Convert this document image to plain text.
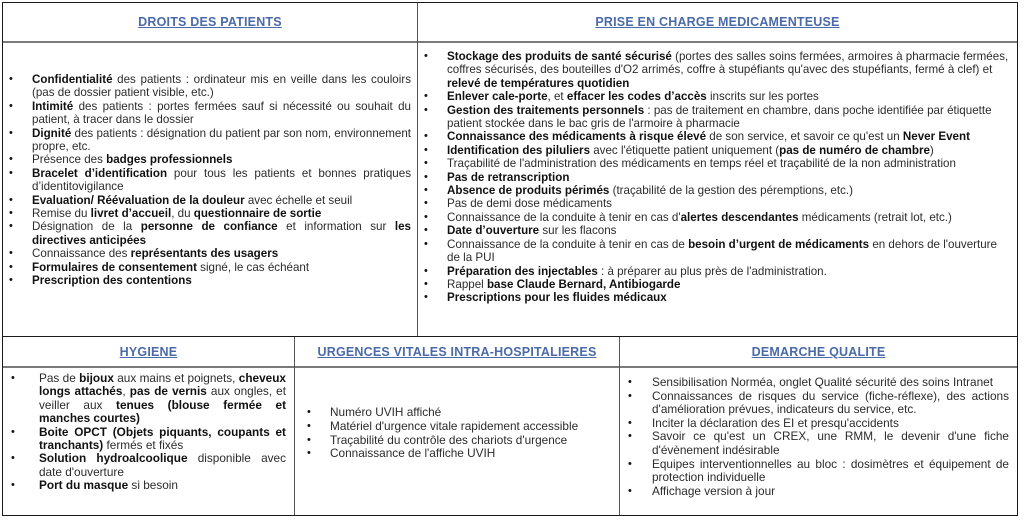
DROITS DES PATIENTS
• Confidentialité des patients : ordinateur mis en veille dans les couloirs (pas de dossier patient visible, etc.)
• Intimité des patients : portes fermées sauf si nécessité ou souhait du patient, à tracer dans le dossier
• Dignité des patients : désignation du patient par son nom, environnement propre, etc.
• Présence des badges professionnels
• Bracelet d’identification pour tous les patients et bonnes pratiques d’identitovigilance
• Evaluation/ Réévaluation de la douleur avec échelle et seuil
• Remise du livret d’accueil, du questionnaire de sortie
• Désignation de la personne de confiance et information sur les directives anticipées
• Connaissance des représentants des usagers
• Formulaires de consentement signé, le cas échéant
• Prescription des contentions
PRISE EN CHARGE MEDICAMENTEUSE
• Stockage des produits de santé sécurisé (portes des salles soins fermées, armoires à pharmacie fermées, coffres sécurisés, des bouteilles d'O2 arrimés, coffre à stupéfiants qu'avec des stupéfiants, fermé à clef) et relevé de températures quotidien
• Enlever cale-porte, et effacer les codes d’accès inscrits sur les portes
• Gestion des traitements personnels : pas de traitement en chambre, dans poche identifiée par étiquette patient stockée dans le bac gris de l'armoire à pharmacie
• Connaissance des médicaments à risque élevé de son service, et savoir ce qu'est un Never Event
• Identification des piluliers avec l'étiquette patient uniquement (pas de numéro de chambre)
• Traçabilité de l'administration des médicaments en temps réel et traçabilité de la non administration
• Pas de retranscription
• Absence de produits périmés (traçabilité de la gestion des péremptions, etc.)
• Pas de demi dose médicaments
• Connaissance de la conduite à tenir en cas d'alertes descendantes médicaments (retrait lot, etc.)
• Date d’ouverture sur les flacons
• Connaissance de la conduite à tenir en cas de besoin d’urgent de médicaments en dehors de l'ouverture de la PUI
• Préparation des injectables : à préparer au plus près de l'administration.
• Rappel base Claude Bernard, Antibiogarde
• Prescriptions pour les fluides médicaux
HYGIENE
• Pas de bijoux aux mains et poignets, cheveux longs attachés, pas de vernis aux ongles, et veiller aux tenues (blouse fermée et manches courtes)
• Boite OPCT (Objets piquants, coupants et tranchants) fermés et fixés
• Solution hydroalcoolique disponible avec date d'ouverture
• Port du masque si besoin
URGENCES VITALES INTRA-HOSPITALIERES
• Numéro UVIH affiché
• Matériel d'urgence vitale rapidement accessible
• Traçabilité du contrôle des chariots d'urgence
• Connaissance de l'affiche UVIH
DEMARCHE QUALITE
• Sensibilisation Norméa, onglet Qualité sécurité des soins Intranet
• Connaissances de risques du service (fiche-réflexe), des actions d'amélioration prévues, indicateurs du service, etc.
• Inciter la déclaration des EI et presqu'accidents
• Savoir ce qu'est un CREX, une RMM, le devenir d'une fiche d'évènement indésirable
• Equipes interventionnelles au bloc : dosimètres et équipement de protection individuelle
• Affichage version à jour
